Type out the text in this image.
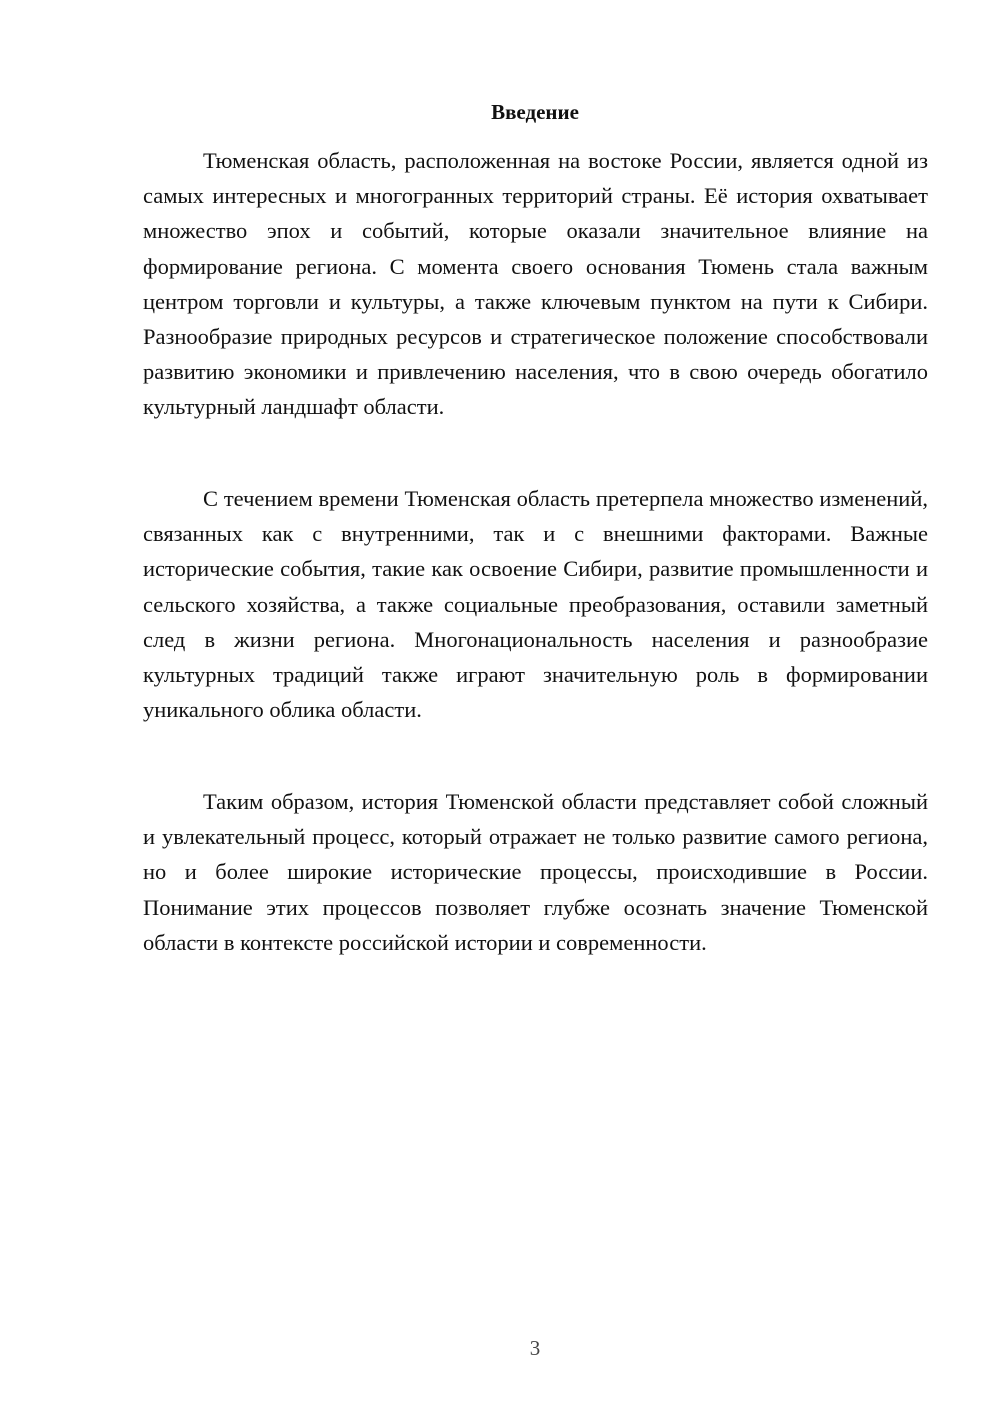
Введение

Тюменская область, расположенная на востоке России, является одной из самых интересных и многогранных территорий страны. Её история охватывает множество эпох и событий, которые оказали значительное влияние на формирование региона. С момента своего основания Тюмень стала важным центром торговли и культуры, а также ключевым пунктом на пути к Сибири. Разнообразие природных ресурсов и стратегическое положение способствовали развитию экономики и привлечению населения, что в свою очередь обогатило культурный ландшафт области.

С течением времени Тюменская область претерпела множество изменений, связанных как с внутренними, так и с внешними факторами. Важные исторические события, такие как освоение Сибири, развитие промышленности и сельского хозяйства, а также социальные преобразования, оставили заметный след в жизни региона. Многонациональность населения и разнообразие культурных традиций также играют значительную роль в формировании уникального облика области.

Таким образом, история Тюменской области представляет собой сложный и увлекательный процесс, который отражает не только развитие самого региона, но и более широкие исторические процессы, происходившие в России. Понимание этих процессов позволяет глубже осознать значение Тюменской области в контексте российской истории и современности.

3
